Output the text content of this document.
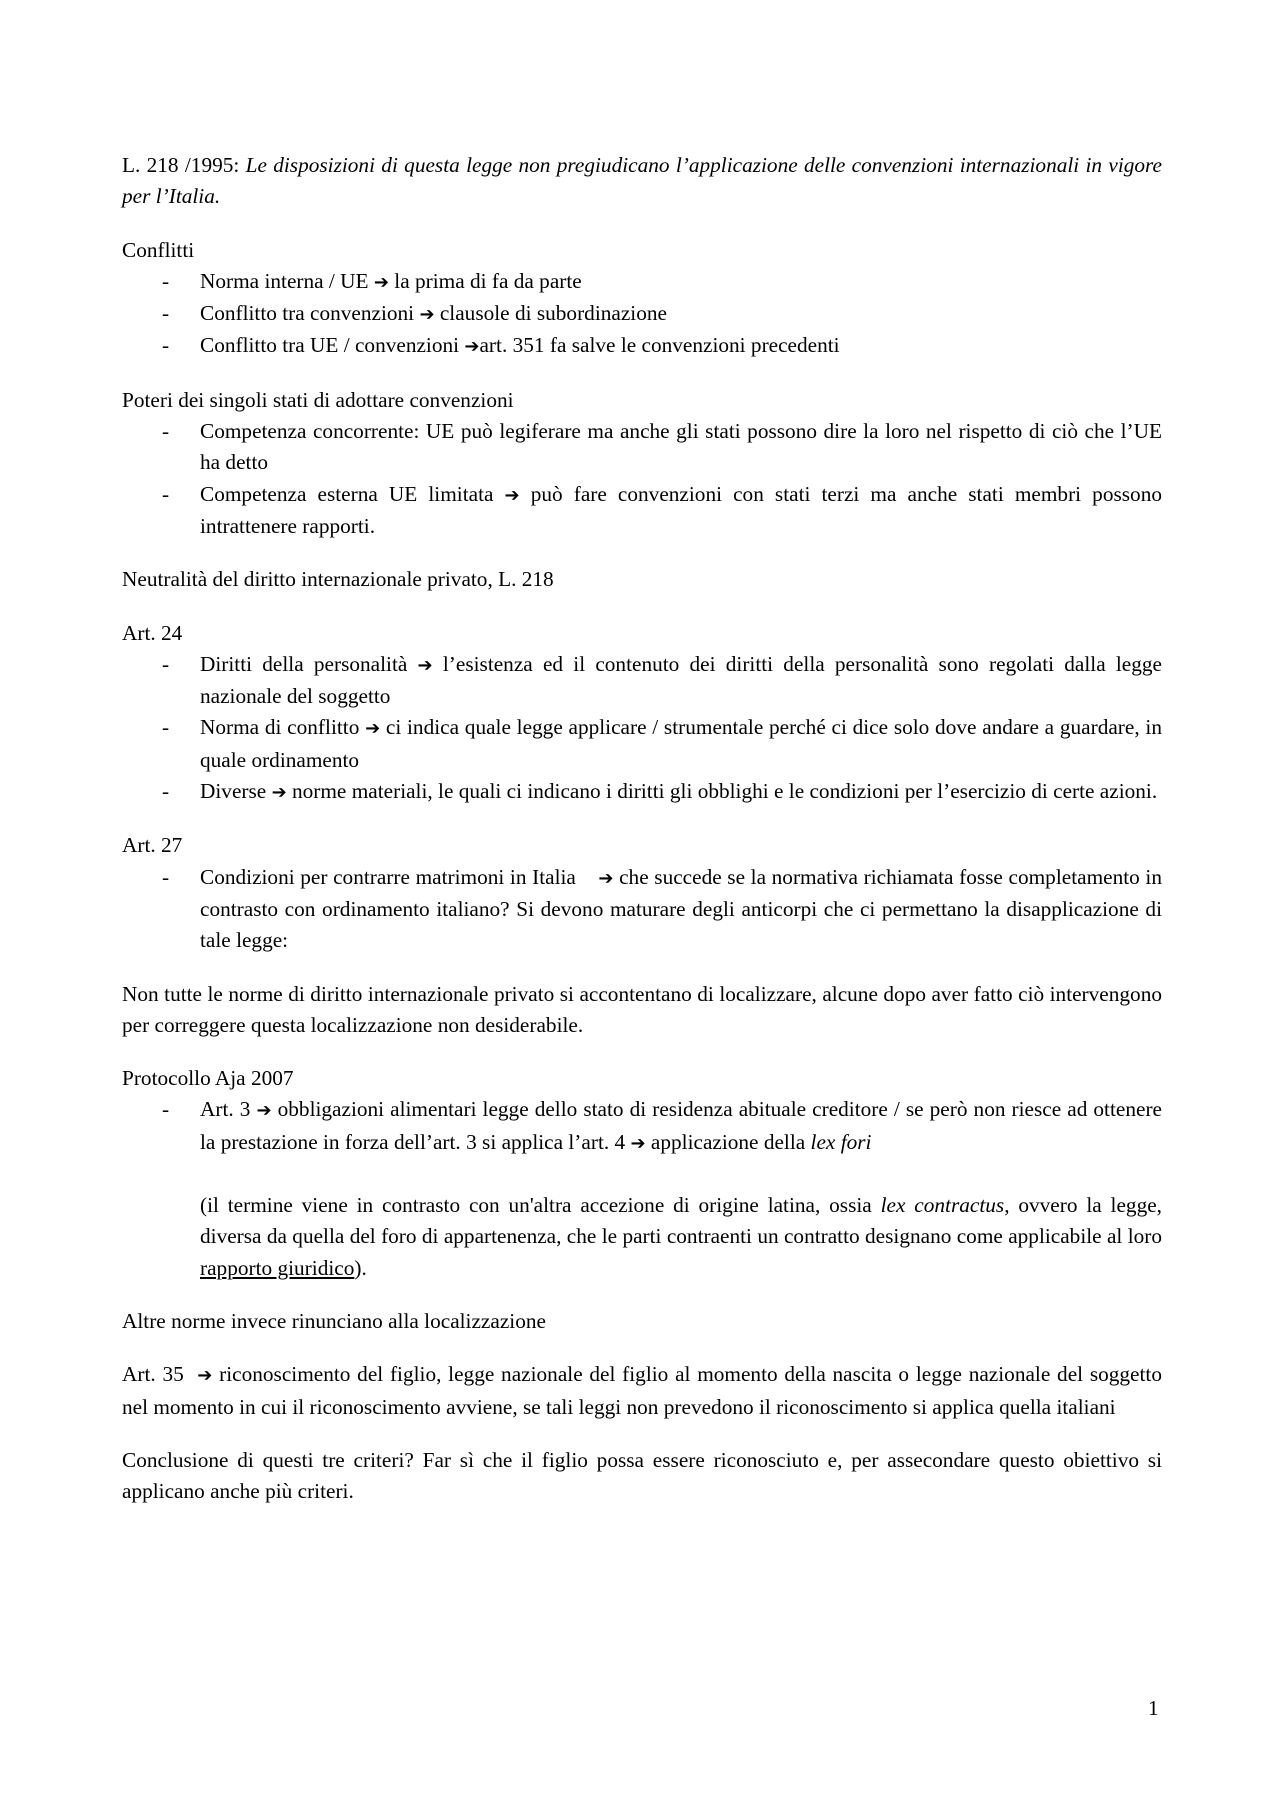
L. 218 /1995: Le disposizioni di questa legge non pregiudicano l’applicazione delle convenzioni internazionali in vigore per l’Italia.

Conflitti

- Norma interna / UE ➔ la prima di fa da parte
- Conflitto tra convenzioni ➔ clausole di subordinazione
- Conflitto tra UE / convenzioni ➔art. 351 fa salve le convenzioni precedenti

Poteri dei singoli stati di adottare convenzioni

- Competenza concorrente: UE può legiferare ma anche gli stati possono dire la loro nel rispetto di ciò che l’UE ha detto
- Competenza esterna UE limitata ➔ può fare convenzioni con stati terzi ma anche stati membri possono intrattenere rapporti.

Neutralità del diritto internazionale privato, L. 218

Art. 24

- Diritti della personalità ➔ l’esistenza ed il contenuto dei diritti della personalità sono regolati dalla legge nazionale del soggetto
- Norma di conflitto ➔ ci indica quale legge applicare / strumentale perché ci dice solo dove andare a guardare, in quale ordinamento
- Diverse ➔ norme materiali, le quali ci indicano i diritti gli obblighi e le condizioni per l’esercizio di certe azioni.

Art. 27

- Condizioni per contrarre matrimoni in Italia    ➔ che succede se la normativa richiamata fosse completamento in contrasto con ordinamento italiano? Si devono maturare degli anticorpi che ci permettano la disapplicazione di tale legge:

Non tutte le norme di diritto internazionale privato si accontentano di localizzare, alcune dopo aver fatto ciò intervengono per correggere questa localizzazione non desiderabile.

Protocollo Aja 2007

- Art. 3 ➔ obbligazioni alimentari legge dello stato di residenza abituale creditore / se però non riesce ad ottenere la prestazione in forza dell’art. 3 si applica l’art. 4 ➔ applicazione della lex fori

(il termine viene in contrasto con un'altra accezione di origine latina, ossia lex contractus, ovvero la legge, diversa da quella del foro di appartenenza, che le parti contraenti un contratto designano come applicabile al loro rapporto giuridico).

Altre norme invece rinunciano alla localizzazione

Art. 35  ➔ riconoscimento del figlio, legge nazionale del figlio al momento della nascita o legge nazionale del soggetto nel momento in cui il riconoscimento avviene, se tali leggi non prevedono il riconoscimento si applica quella italiani

Conclusione di questi tre criteri? Far sì che il figlio possa essere riconosciuto e, per assecondare questo obiettivo si applicano anche più criteri.

1
